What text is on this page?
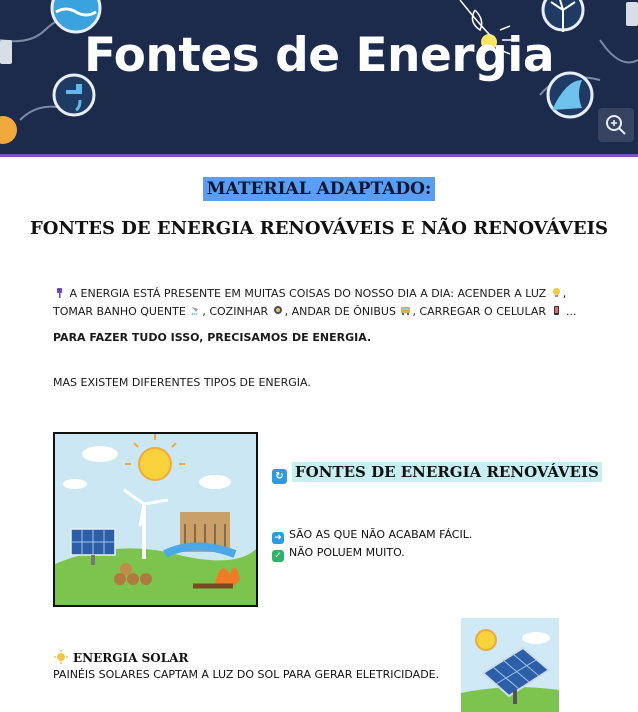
Fontes de Energia
MATERIAL ADAPTADO:
FONTES DE ENERGIA RENOVÁVEIS E NÃO RENOVÁVEIS
A ENERGIA ESTÁ PRESENTE EM MUITAS COISAS DO NOSSO DIA A DIA: ACENDER A LUZ ,
TOMAR BANHO QUENTE , COZINHAR , ANDAR DE ÔNIBUS , CARREGAR O CELULAR ...
PARA FAZER TUDO ISSO, PRECISAMOS DE ENERGIA.
MAS EXISTEM DIFERENTES TIPOS DE ENERGIA.
↻ FONTES DE ENERGIA RENOVÁVEIS
➜ SÃO AS QUE NÃO ACABAM FÁCIL.
✓ NÃO POLUEM MUITO.
ENERGIA SOLAR
PAINÉIS SOLARES CAPTAM A LUZ DO SOL PARA GERAR ELETRICIDADE.
